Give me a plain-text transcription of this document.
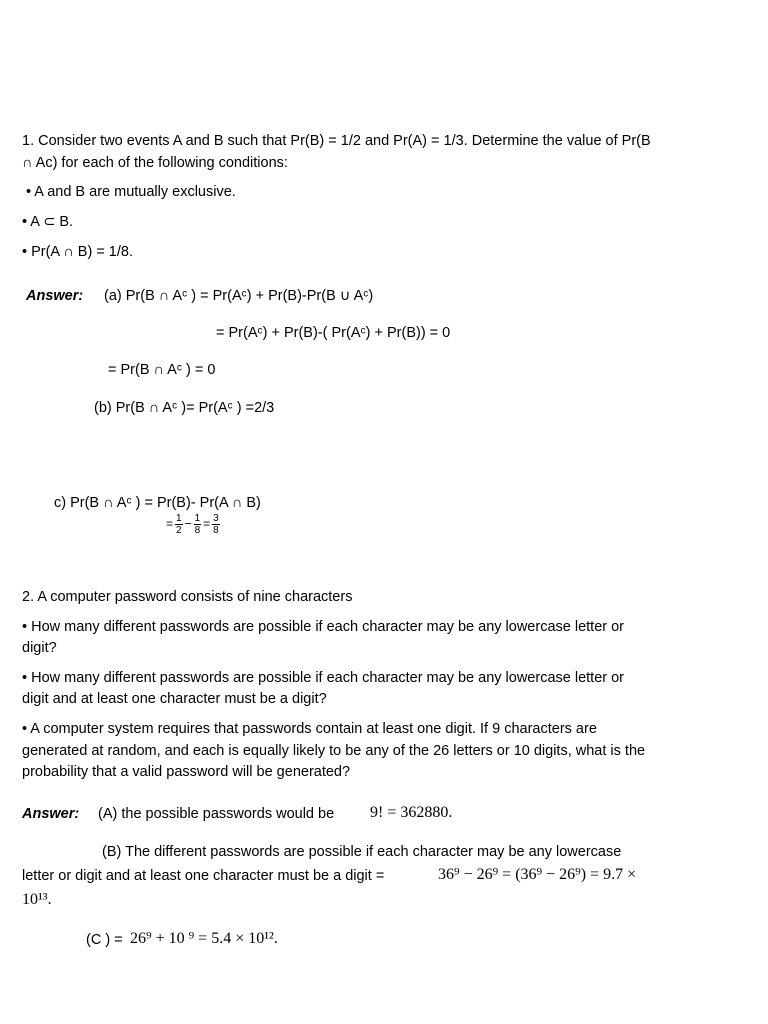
1. Consider two events A and B such that Pr(B) = 1/2 and Pr(A) = 1/3. Determine the value of Pr(B
∩ Ac) for each of the following conditions:
• A and B are mutually exclusive.
• A ⊂ B.
• Pr(A ∩ B) = 1/8.
Answer: (a) Pr(B ∩ Aᶜ ) = Pr(Aᶜ) + Pr(B)-Pr(B ∪ Aᶜ)
= Pr(Aᶜ) + Pr(B)-( Pr(Aᶜ) + Pr(B)) = 0
= Pr(B ∩ Aᶜ ) = 0
(b) Pr(B ∩ Aᶜ )= Pr(Aᶜ ) =2/3
c) Pr(B ∩ Aᶜ ) = Pr(B)- Pr(A ∩ B)
= $\frac{1}{2} - \frac{1}{8} = \frac{3}{8}$
2. A computer password consists of nine characters
• How many different passwords are possible if each character may be any lowercase letter or
digit?
• How many different passwords are possible if each character may be any lowercase letter or
digit and at least one character must be a digit?
• A computer system requires that passwords contain at least one digit. If 9 characters are
generated at random, and each is equally likely to be any of the 26 letters or 10 digits, what is the
probability that a valid password will be generated?
Answer: (A) the possible passwords would be 9! = 362880.
(B) The different passwords are possible if each character may be any lowercase
letter or digit and at least one character must be a digit =	36⁹ − 26⁹ = (36⁹ − 26⁹) = 9.7 ×
10¹³.
(C ) = 26⁹ + 10 ⁹ = 5.4 × 10¹².
